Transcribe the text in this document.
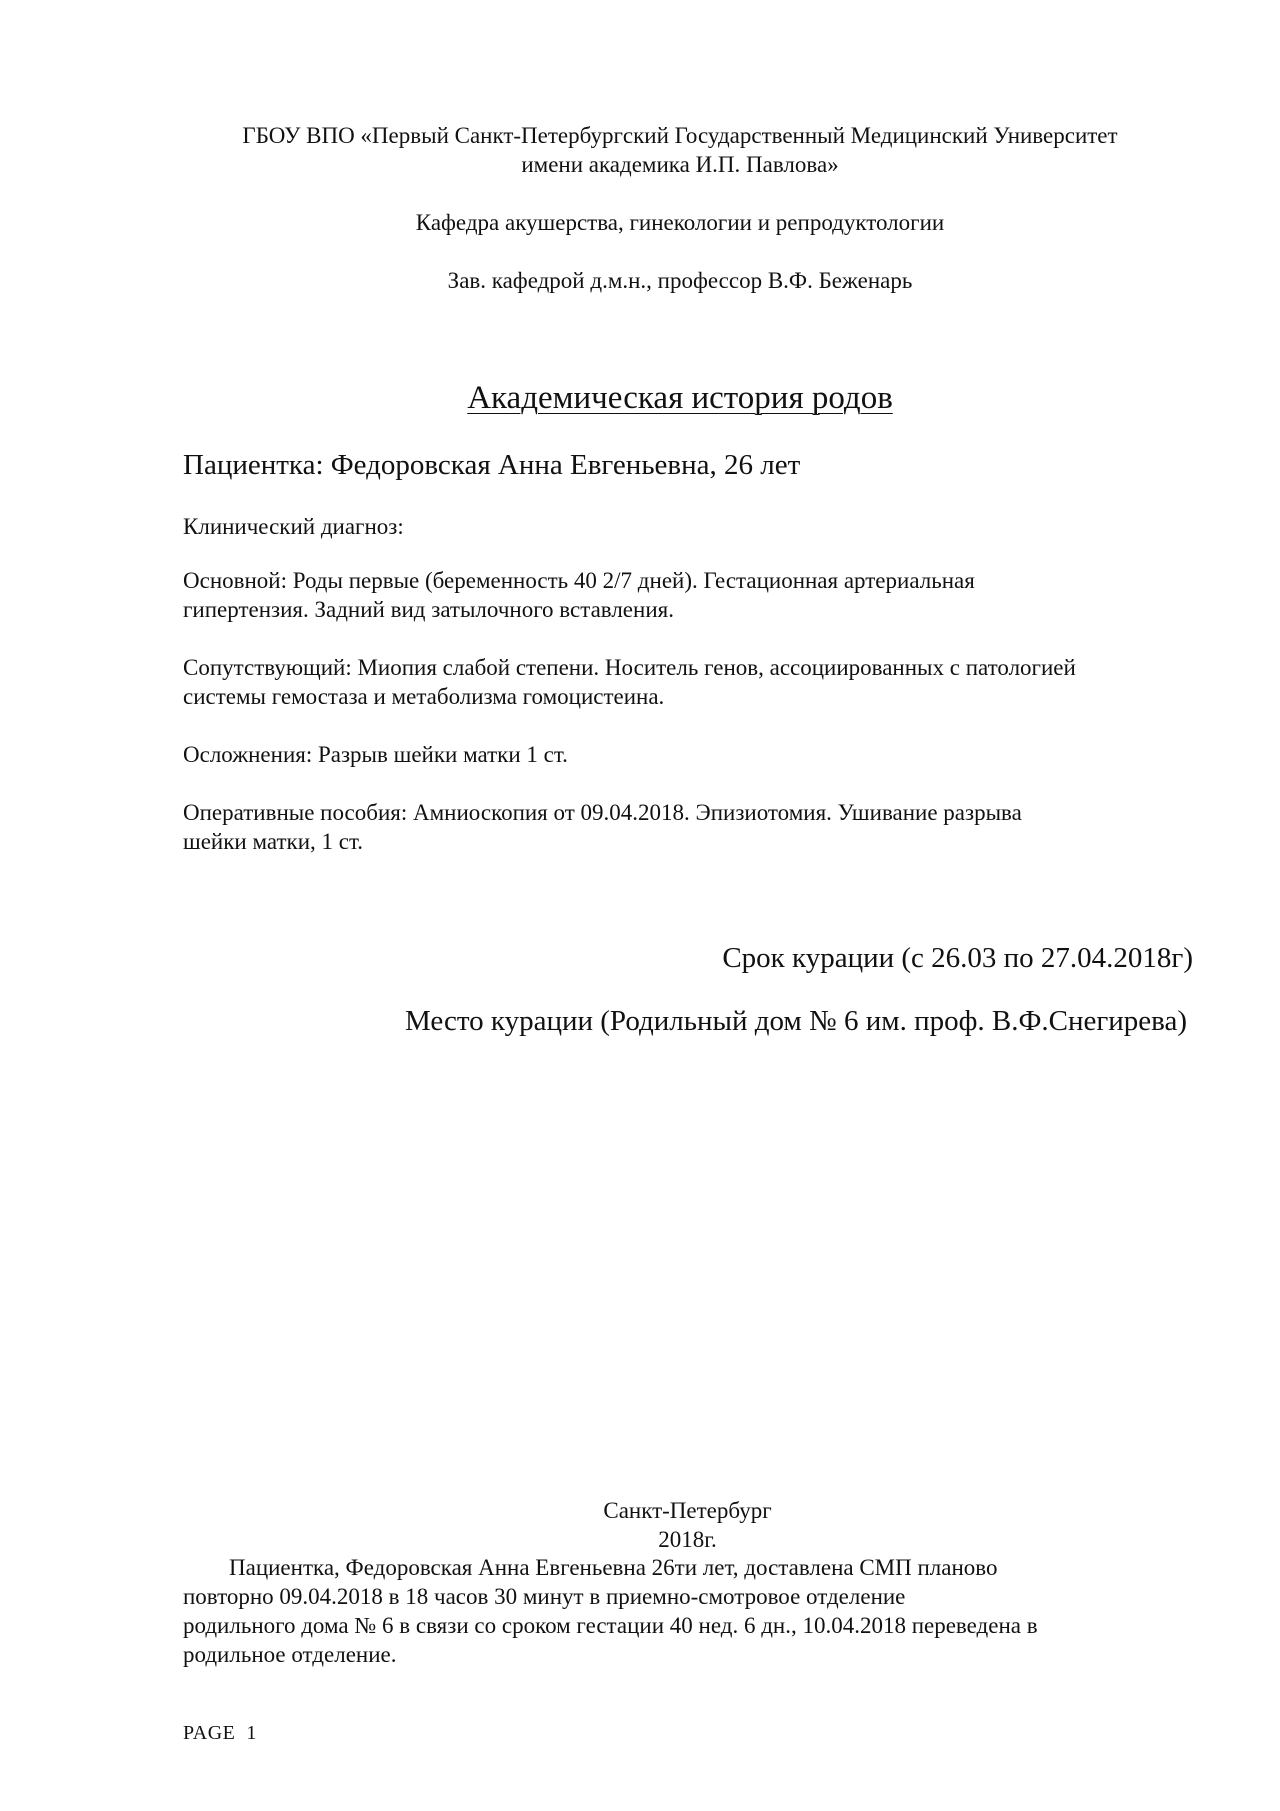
ГБОУ ВПО «Первый Санкт-Петербургский Государственный Медицинский Университет
имени академика И.П. Павлова»
Кафедра акушерства, гинекологии и репродуктологии
Зав. кафедрой д.м.н., профессор В.Ф. Беженарь
Академическая история родов
Пациентка: Федоровская Анна Евгеньевна, 26 лет
Клинический диагноз:
Основной: Роды первые (беременность 40 2/7 дней). Гестационная артериальная
гипертензия. Задний вид затылочного вставления.
Сопутствующий: Миопия слабой степени. Носитель генов, ассоциированных с патологией
системы гемостаза и метаболизма гомоцистеина.
Осложнения: Разрыв шейки матки 1 ст.
Оперативные пособия: Амниоскопия от 09.04.2018. Эпизиотомия. Ушивание разрыва
шейки матки, 1 ст.
Срок курации (с 26.03 по 27.04.2018г)
Место курации (Родильный дом № 6 им. проф. В.Ф.Снегирева)
Санкт-Петербург
2018г.
Пациентка, Федоровская Анна Евгеньевна 26ти лет, доставлена СМП планово
повторно 09.04.2018 в 18 часов 30 минут в приемно-смотровое отделение
родильного дома № 6 в связи со сроком гестации 40 нед. 6 дн., 10.04.2018 переведена в
родильное отделение.
PAGE  1
